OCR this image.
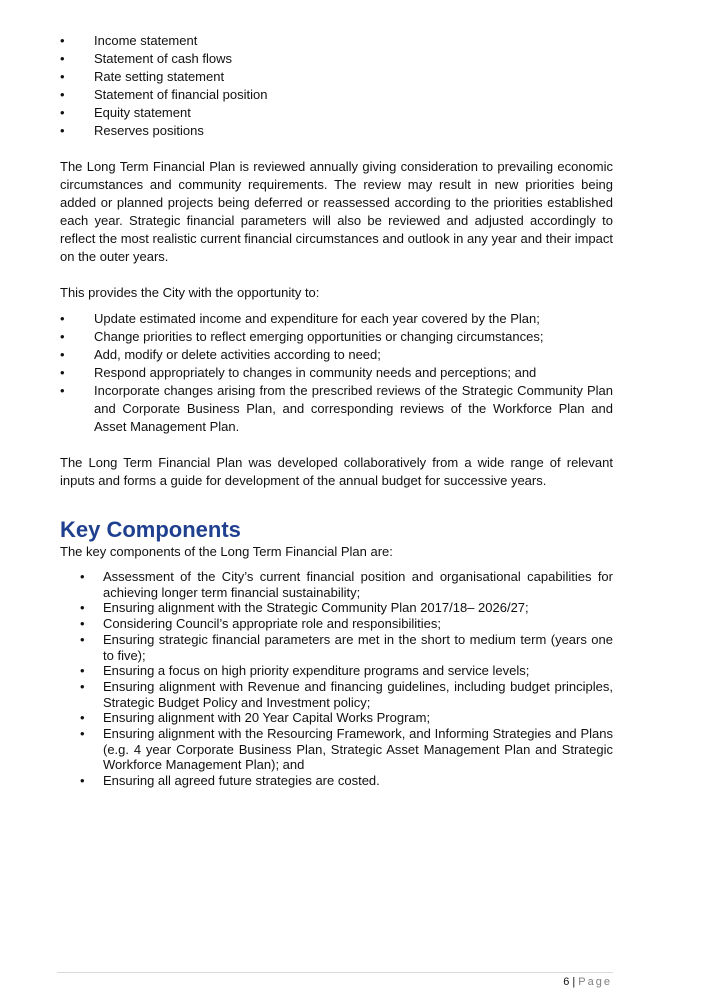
• Income statement
• Statement of cash flows
• Rate setting statement
• Statement of financial position
• Equity statement
• Reserves positions

The Long Term Financial Plan is reviewed annually giving consideration to prevailing economic circumstances and community requirements. The review may result in new priorities being added or planned projects being deferred or reassessed according to the priorities established each year. Strategic financial parameters will also be reviewed and adjusted accordingly to reflect the most realistic current financial circumstances and outlook in any year and their impact on the outer years.

This provides the City with the opportunity to:

• Update estimated income and expenditure for each year covered by the Plan;
• Change priorities to reflect emerging opportunities or changing circumstances;
• Add, modify or delete activities according to need;
• Respond appropriately to changes in community needs and perceptions; and
• Incorporate changes arising from the prescribed reviews of the Strategic Community Plan and Corporate Business Plan, and corresponding reviews of the Workforce Plan and Asset Management Plan.

The Long Term Financial Plan was developed collaboratively from a wide range of relevant inputs and forms a guide for development of the annual budget for successive years.

Key Components

The key components of the Long Term Financial Plan are:

• Assessment of the City’s current financial position and organisational capabilities for achieving longer term financial sustainability;
• Ensuring alignment with the Strategic Community Plan 2017/18– 2026/27;
• Considering Council’s appropriate role and responsibilities;
• Ensuring strategic financial parameters are met in the short to medium term (years one to five);
• Ensuring a focus on high priority expenditure programs and service levels;
• Ensuring alignment with Revenue and financing guidelines, including budget principles, Strategic Budget Policy and Investment policy;
• Ensuring alignment with 20 Year Capital Works Program;
• Ensuring alignment with the Resourcing Framework, and Informing Strategies and Plans (e.g. 4 year Corporate Business Plan, Strategic Asset Management Plan and Strategic Workforce Management Plan); and
• Ensuring all agreed future strategies are costed.
6 | Page
